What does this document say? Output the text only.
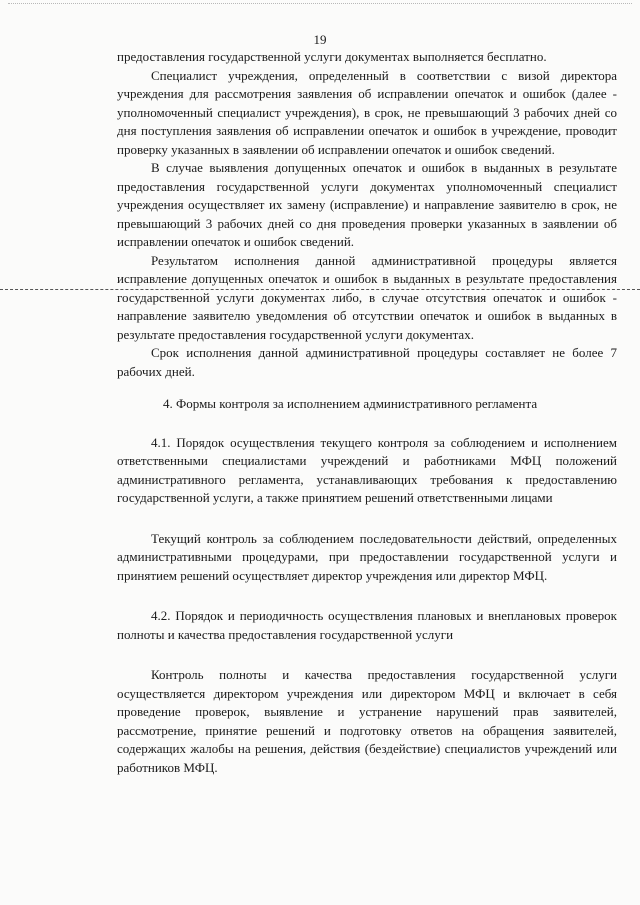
19

предоставления государственной услуги документах выполняется бесплатно.

Специалист учреждения, определенный в соответствии с визой директора учреждения для рассмотрения заявления об исправлении опечаток и ошибок (далее - уполномоченный специалист учреждения), в срок, не превышающий 3 рабочих дней со дня поступления заявления об исправлении опечаток и ошибок в учреждение, проводит проверку указанных в заявлении об исправлении опечаток и ошибок сведений.

В случае выявления допущенных опечаток и ошибок в выданных в результате предоставления государственной услуги документах уполномоченный специалист учреждения осуществляет их замену (исправление) и направление заявителю в срок, не превышающий 3 рабочих дней со дня проведения проверки указанных в заявлении об исправлении опечаток и ошибок сведений.

Результатом исполнения данной административной процедуры является исправление допущенных опечаток и ошибок в выданных в результате предоставления государственной услуги документах либо, в случае отсутствия опечаток и ошибок - направление заявителю уведомления об отсутствии опечаток и ошибок в выданных в результате предоставления государственной услуги документах.

Срок исполнения данной административной процедуры составляет не более 7 рабочих дней.

4. Формы контроля за исполнением административного регламента

4.1. Порядок осуществления текущего контроля за соблюдением и исполнением ответственными специалистами учреждений и работниками МФЦ положений административного регламента, устанавливающих требования к предоставлению государственной услуги, а также принятием решений ответственными лицами

Текущий контроль за соблюдением последовательности действий, определенных административными процедурами, при предоставлении государственной услуги и принятием решений осуществляет директор учреждения или директор МФЦ.

4.2. Порядок и периодичность осуществления плановых и внеплановых проверок полноты и качества предоставления государственной услуги

Контроль полноты и качества предоставления государственной услуги осуществляется директором учреждения или директором МФЦ и включает в себя проведение проверок, выявление и устранение нарушений прав заявителей, рассмотрение, принятие решений и подготовку ответов на обращения заявителей, содержащих жалобы на решения, действия (бездействие) специалистов учреждений или работников МФЦ.
